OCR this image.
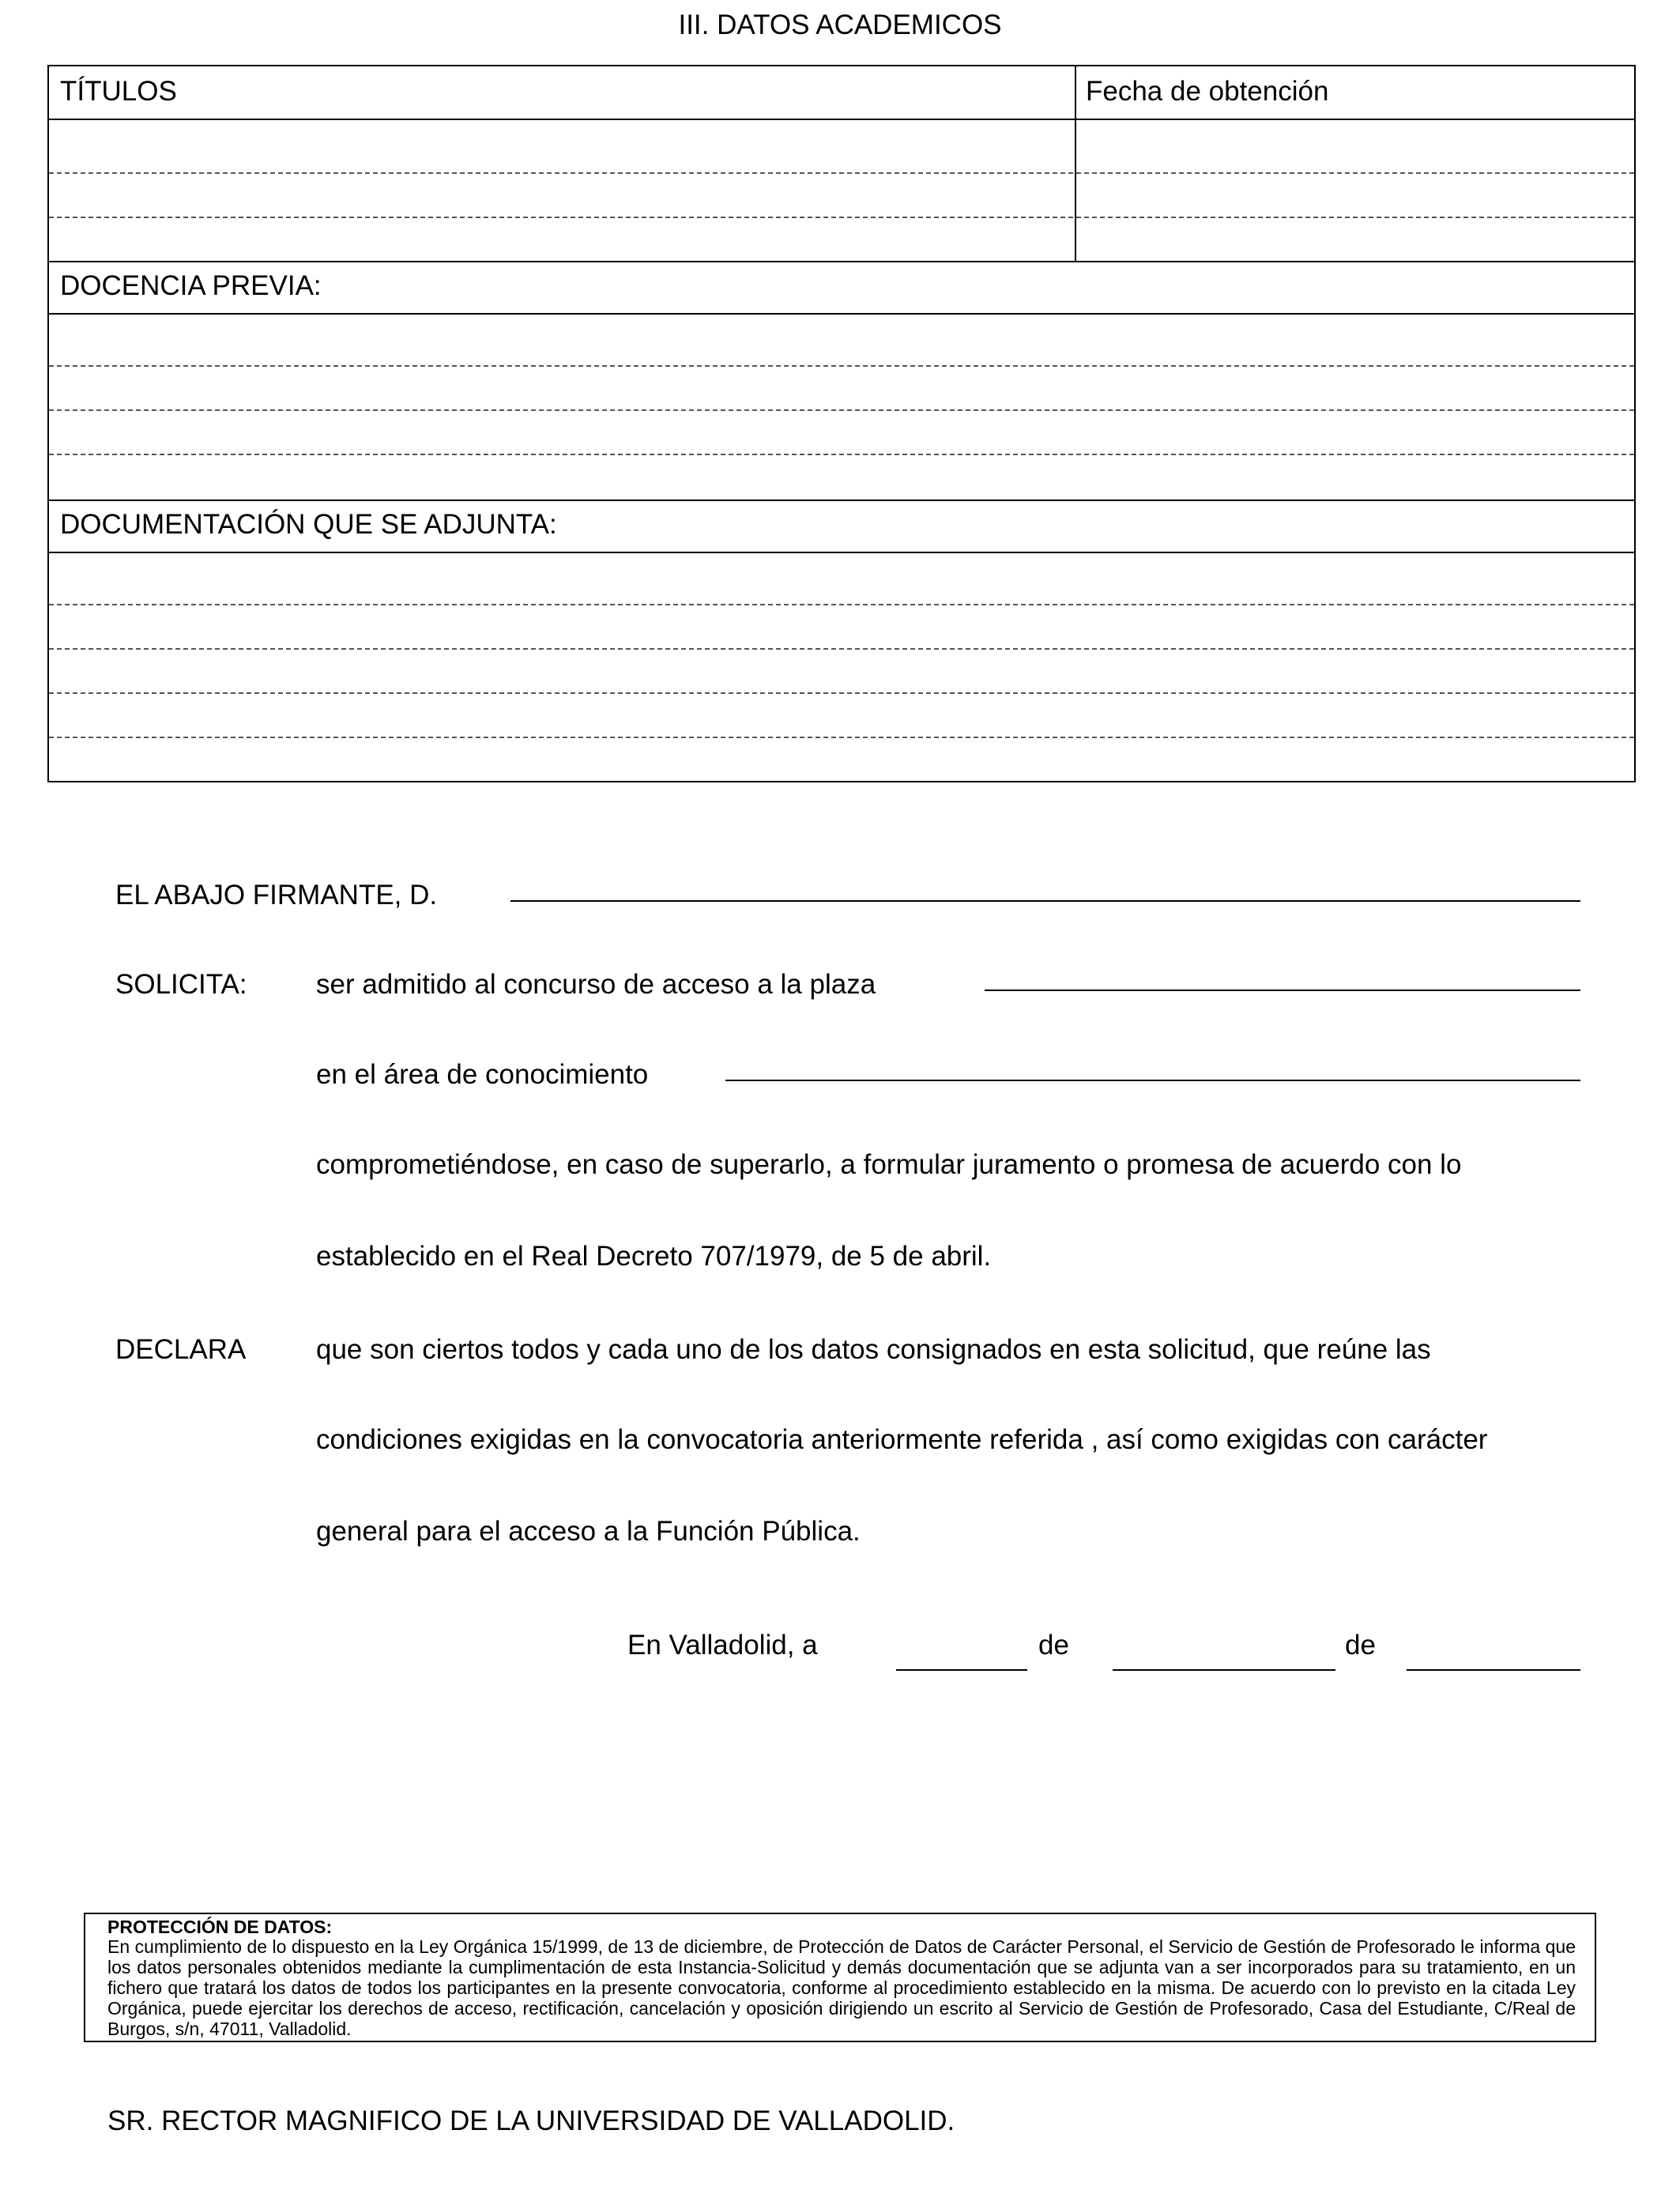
III. DATOS ACADEMICOS
TÍTULOS	Fecha de obtención
DOCENCIA PREVIA:
DOCUMENTACIÓN QUE SE ADJUNTA:
EL ABAJO FIRMANTE, D.
SOLICITA: ser admitido al concurso de acceso a la plaza
en el área de conocimiento
comprometiéndose, en caso de superarlo, a formular juramento o promesa de acuerdo con lo
establecido en el Real Decreto 707/1979, de 5 de abril.
DECLARA	que son ciertos todos y cada uno de los datos consignados en esta solicitud, que reúne las
condiciones exigidas en la convocatoria anteriormente referida , así como exigidas con carácter
general para el acceso a la Función Pública.
En Valladolid, a	de	de
PROTECCIÓN DE DATOS:
En cumplimiento de lo dispuesto en la Ley Orgánica 15/1999, de 13 de diciembre, de Protección de Datos de Carácter Personal, el Servicio de Gestión de Profesorado le informa que los datos personales obtenidos mediante la cumplimentación de esta Instancia-Solicitud y demás documentación que se adjunta van a ser incorporados para su tratamiento, en un fichero que tratará los datos de todos los participantes en la presente convocatoria, conforme al procedimiento establecido en la misma. De acuerdo con lo previsto en la citada Ley Orgánica, puede ejercitar los derechos de acceso, rectificación, cancelación y oposición dirigiendo un escrito al Servicio de Gestión de Profesorado, Casa del Estudiante, C/Real de Burgos, s/n, 47011, Valladolid.
SR. RECTOR MAGNIFICO DE LA UNIVERSIDAD DE VALLADOLID.
